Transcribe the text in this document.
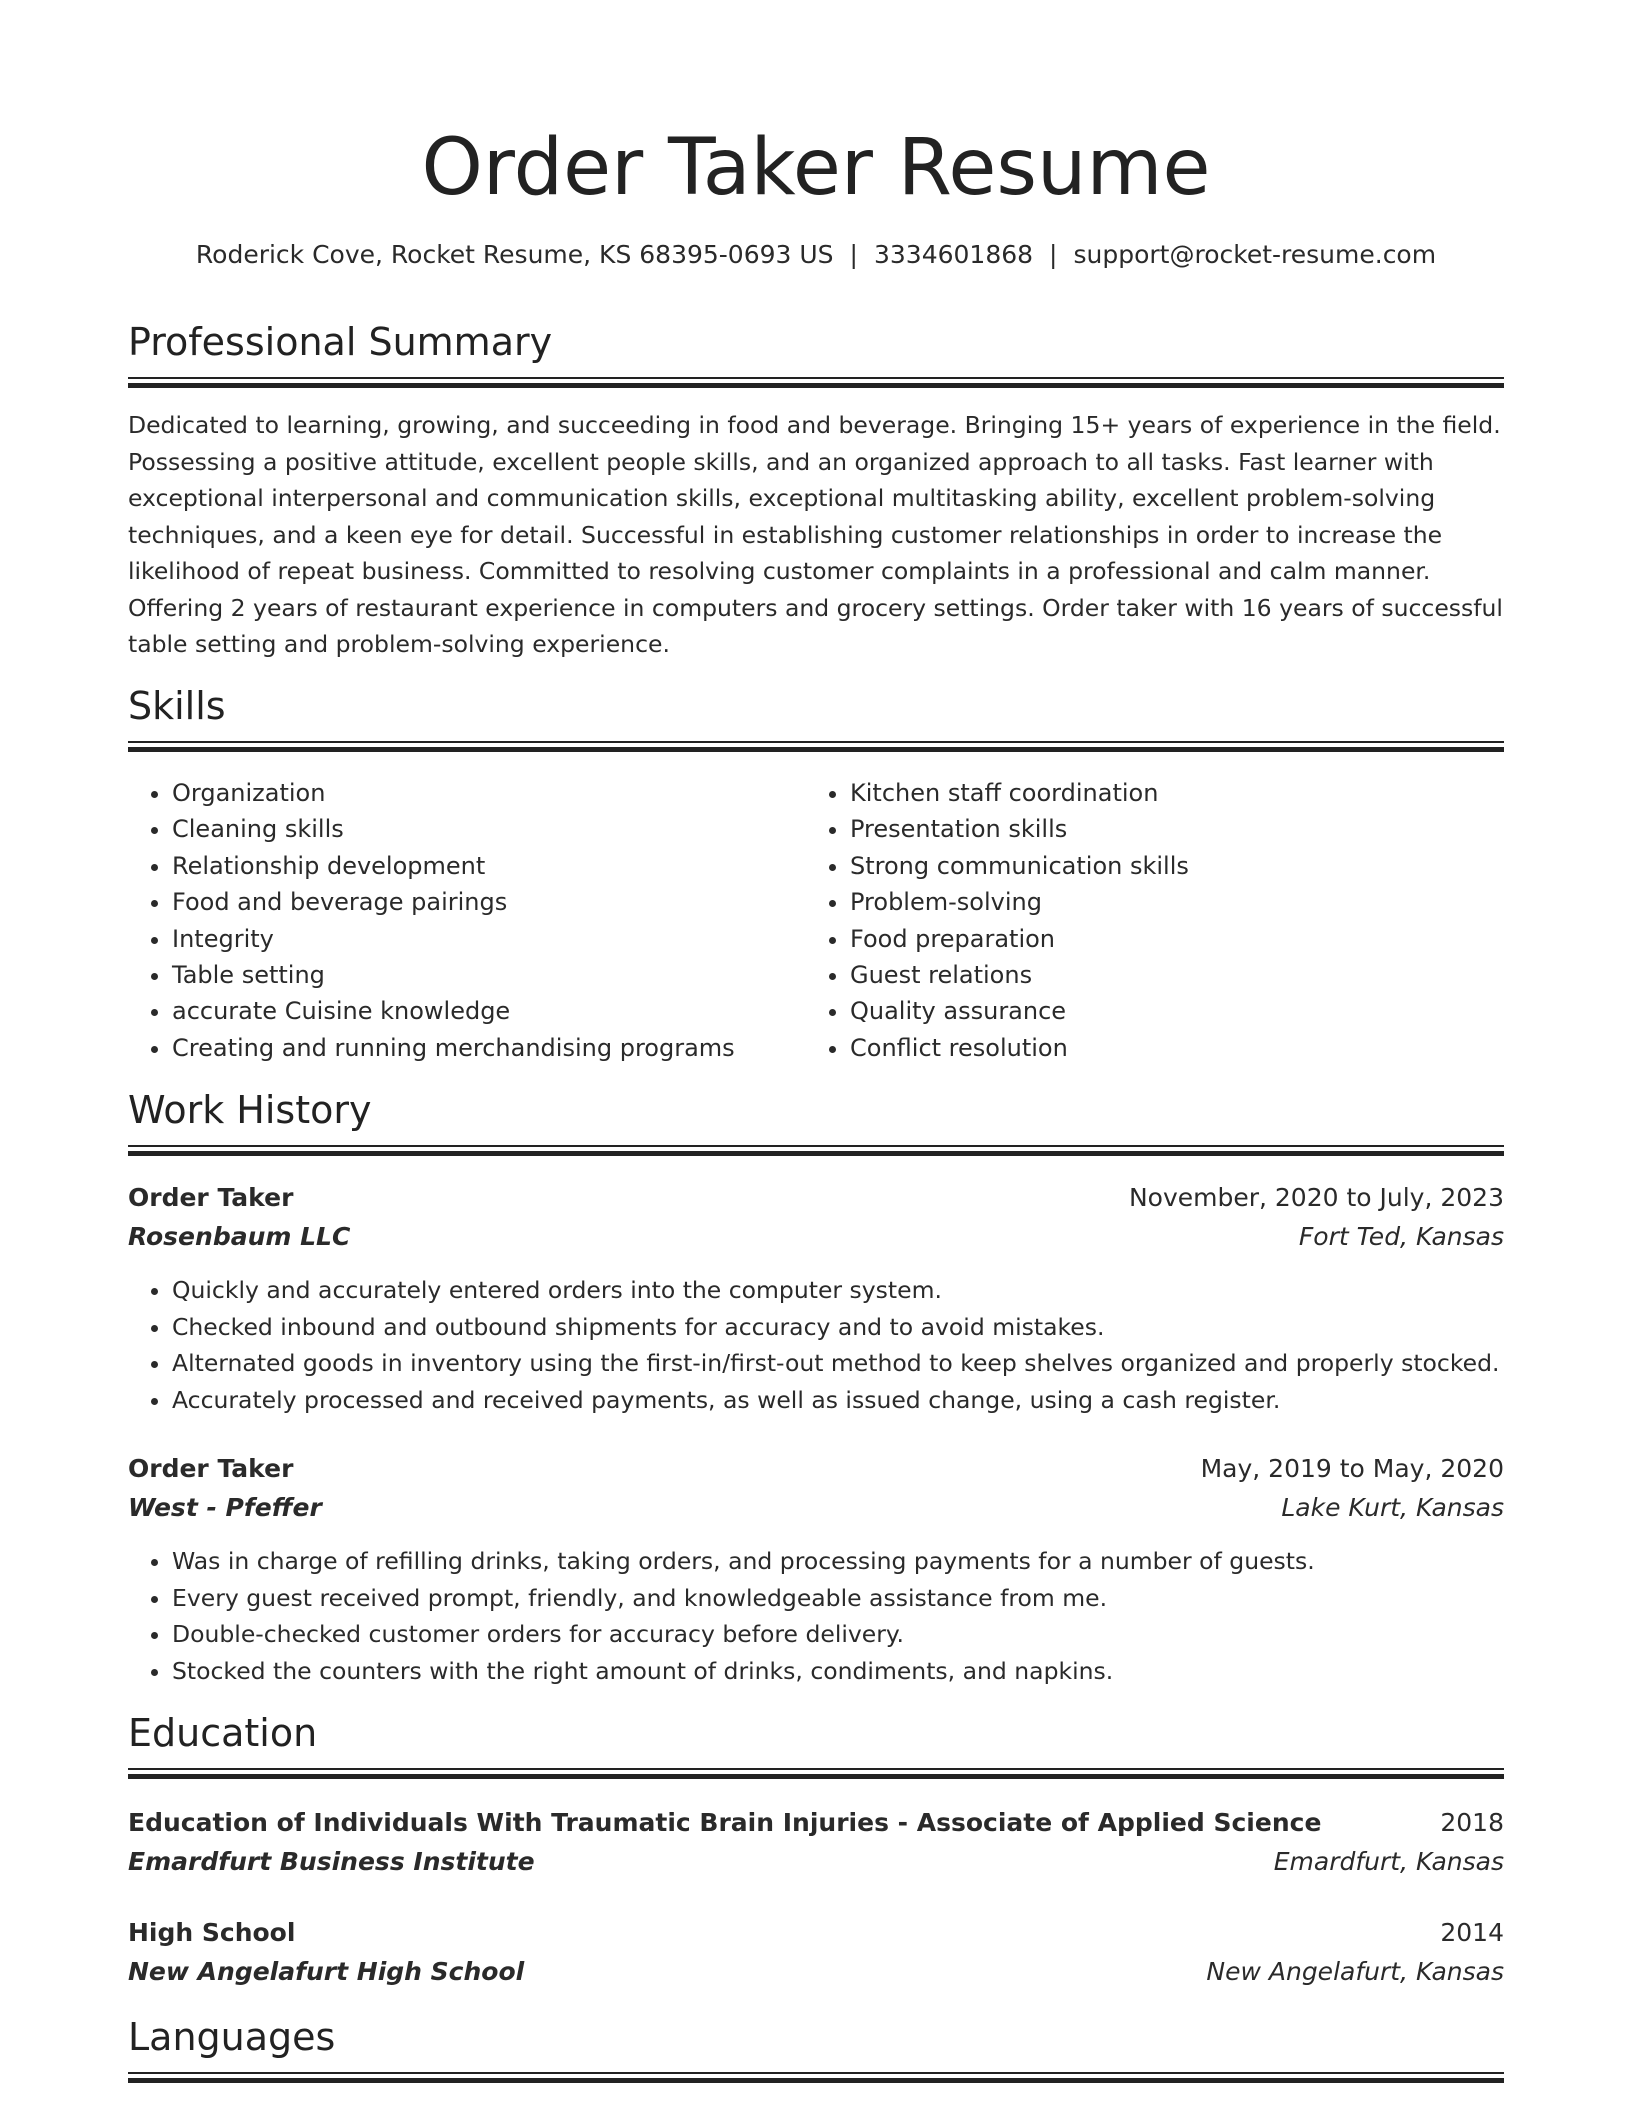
Order Taker Resume
Roderick Cove, Rocket Resume, KS 68395-0693 US | 3334601868 | support@rocket-resume.com
Professional Summary

Dedicated to learning, growing, and succeeding in food and beverage. Bringing 15+ years of experience in the field. Possessing a positive attitude, excellent people skills, and an organized approach to all tasks. Fast learner with exceptional interpersonal and communication skills, exceptional multitasking ability, excellent problem-solving techniques, and a keen eye for detail. Successful in establishing customer relationships in order to increase the likelihood of repeat business. Committed to resolving customer complaints in a professional and calm manner. Offering 2 years of restaurant experience in computers and grocery settings. Order taker with 16 years of successful table setting and problem-solving experience.

Skills
• Organization
• Cleaning skills
• Relationship development
• Food and beverage pairings
• Integrity
• Table setting
• accurate Cuisine knowledge
• Creating and running merchandising programs
• Kitchen staff coordination
• Presentation skills
• Strong communication skills
• Problem-solving
• Food preparation
• Guest relations
• Quality assurance
• Conflict resolution
Work History
Order Taker	November, 2020 to July, 2023
Rosenbaum LLC	Fort Ted, Kansas
• Quickly and accurately entered orders into the computer system.
• Checked inbound and outbound shipments for accuracy and to avoid mistakes.
• Alternated goods in inventory using the first-in/first-out method to keep shelves organized and properly stocked.
• Accurately processed and received payments, as well as issued change, using a cash register.
Order Taker	May, 2019 to May, 2020
West - Pfeffer	Lake Kurt, Kansas
• Was in charge of refilling drinks, taking orders, and processing payments for a number of guests.
• Every guest received prompt, friendly, and knowledgeable assistance from me.
• Double-checked customer orders for accuracy before delivery.
• Stocked the counters with the right amount of drinks, condiments, and napkins.
Education
Education of Individuals With Traumatic Brain Injuries - Associate of Applied Science	2018
Emardfurt Business Institute	Emardfurt, Kansas
High School	2014
New Angelafurt High School	New Angelafurt, Kansas
Languages
